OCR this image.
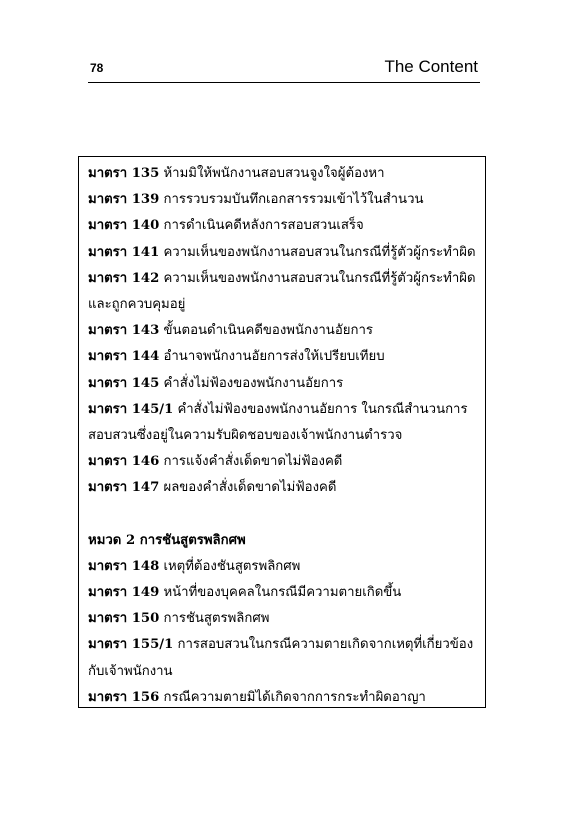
78	The Content
มาตรา 135 ห้ามมิให้พนักงานสอบสวนจูงใจผู้ต้องหา
มาตรา 139 การรวบรวมบันทึกเอกสารรวมเข้าไว้ในสำนวน
มาตรา 140 การดำเนินคดีหลังการสอบสวนเสร็จ
มาตรา 141 ความเห็นของพนักงานสอบสวนในกรณีที่รู้ตัวผู้กระทำผิด
มาตรา 142 ความเห็นของพนักงานสอบสวนในกรณีที่รู้ตัวผู้กระทำผิด
และถูกควบคุมอยู่
มาตรา 143 ขั้นตอนดำเนินคดีของพนักงานอัยการ
มาตรา 144 อำนาจพนักงานอัยการส่งให้เปรียบเทียบ
มาตรา 145 คำสั่งไม่ฟ้องของพนักงานอัยการ
มาตรา 145/1 คำสั่งไม่ฟ้องของพนักงานอัยการ ในกรณีสำนวนการ
สอบสวนซึ่งอยู่ในความรับผิดชอบของเจ้าพนักงานตำรวจ
มาตรา 146 การแจ้งคำสั่งเด็ดขาดไม่ฟ้องคดี
มาตรา 147 ผลของคำสั่งเด็ดขาดไม่ฟ้องคดี
หมวด 2 การชันสูตรพลิกศพ
มาตรา 148 เหตุที่ต้องชันสูตรพลิกศพ
มาตรา 149 หน้าที่ของบุคคลในกรณีมีความตายเกิดขึ้น
มาตรา 150 การชันสูตรพลิกศพ
มาตรา 155/1 การสอบสวนในกรณีความตายเกิดจากเหตุที่เกี่ยวข้อง
กับเจ้าพนักงาน
มาตรา 156 กรณีความตายมิได้เกิดจากการกระทำผิดอาญา
